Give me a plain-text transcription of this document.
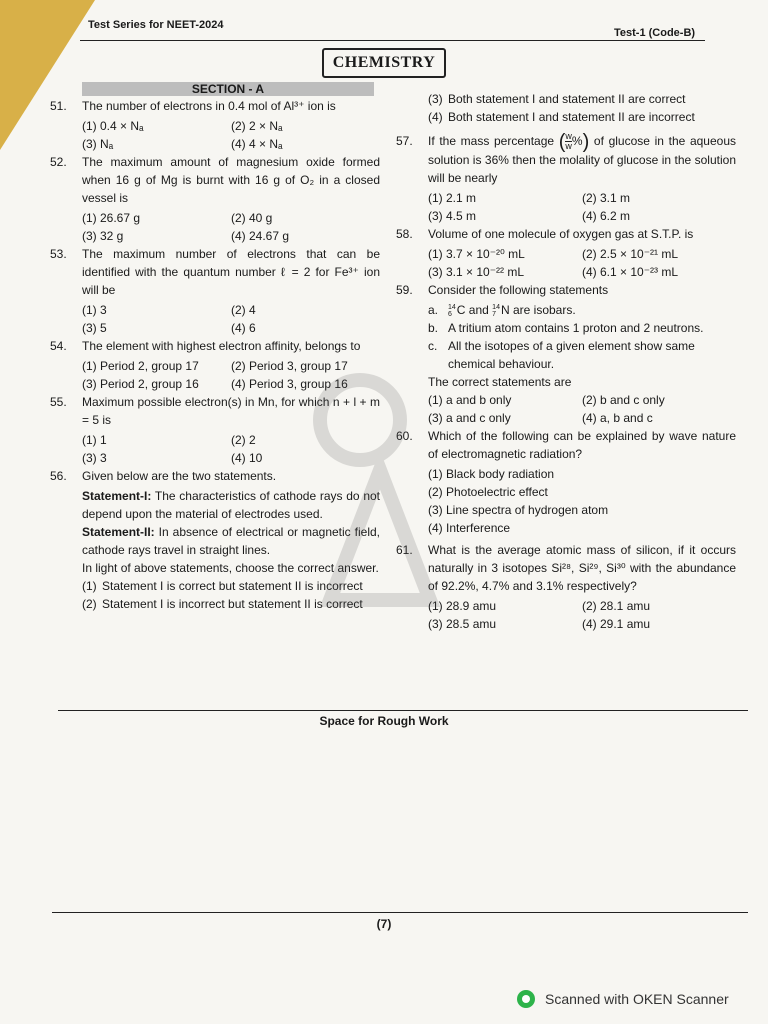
Test Series for NEET-2024
Test-1 (Code-B)
CHEMISTRY
SECTION - A
51.	The number of electrons in 0.4 mol of Al³⁺ ion is
(1) 0.4 × Nₐ	(2) 2 × Nₐ
(3) Nₐ	(4) 4 × Nₐ
52.	The maximum amount of magnesium oxide formed when 16 g of Mg is burnt with 16 g of O₂ in a closed vessel is
(1) 26.67 g	(2) 40 g
(3) 32 g	(4) 24.67 g
53.	The maximum number of electrons that can be identified with the quantum number ℓ = 2 for Fe³⁺ ion will be
(1) 3	(2) 4
(3) 5	(4) 6
54.	The element with highest electron affinity, belongs to
(1) Period 2, group 17	(2) Period 3, group 17
(3) Period 2, group 16	(4) Period 3, group 16
55.	Maximum possible electron(s) in Mn, for which n + l + m = 5 is
(1) 1	(2) 2
(3) 3	(4) 10
56.	Given below are the two statements.
Statement-I: The characteristics of cathode rays do not depend upon the material of electrodes used.
Statement-II: In absence of electrical or magnetic field, cathode rays travel in straight lines.
In light of above statements, choose the correct answer.
(1) Statement I is correct but statement II is incorrect
(2) Statement I is incorrect but statement II is correct
(3) Both statement I and statement II are correct
(4) Both statement I and statement II are incorrect
57.	If the mass percentage ( $\frac{w}{w}$ %) of glucose in the aqueous solution is 36% then the molality of glucose in the solution will be nearly
(1) 2.1 m	(2) 3.1 m
(3) 4.5 m	(4) 6.2 m
58.	Volume of one molecule of oxygen gas at S.T.P. is
(1) 3.7 × 10⁻²⁰ mL	(2) 2.5 × 10⁻²¹ mL
(3) 3.1 × 10⁻²² mL	(4) 6.1 × 10⁻²³ mL
59.	Consider the following statements
a.	14
6 C and 14
7 N are isobars.
b. A tritium atom contains 1 proton and 2 neutrons.
c. All the isotopes of a given element show same chemical behaviour.
The correct statements are
(1) a and b only	(2) b and c only
(3) a and c only	(4) a, b and c
60.	Which of the following can be explained by wave nature of electromagnetic radiation?
(1) Black body radiation
(2) Photoelectric effect
(3) Line spectra of hydrogen atom
(4) Interference
61.	What is the average atomic mass of silicon, if it occurs naturally in 3 isotopes Si²⁸, Si²⁹, Si³⁰ with the abundance of 92.2%, 4.7% and 3.1% respectively?
(1) 28.9 amu	(2) 28.1 amu
(3) 28.5 amu	(4) 29.1 amu
Space for Rough Work
(7)
Scanned with OKEN Scanner
